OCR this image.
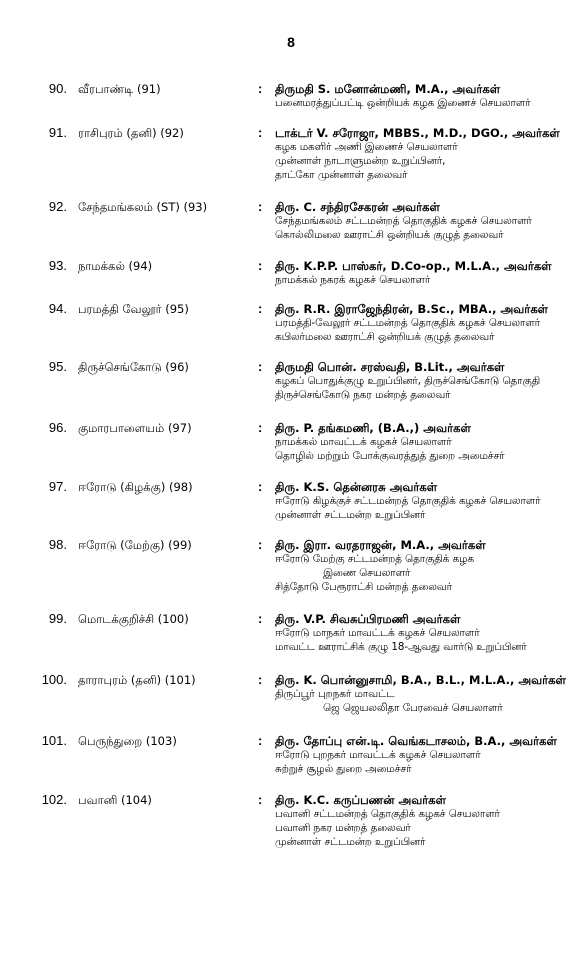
8
90. வீரபாண்டி (91)	: திருமதி S. மனோன்மணி, M.A., அவர்கள்
பனைமரத்துப்பட்டி ஒன்றியக் கழக இணைச் செயலாளர்
91. ராசிபுரம் (தனி) (92)	: டாக்டர் V. சரோஜா, MBBS., M.D., DGO., அவர்கள்
கழக மகளிர் அணி இணைச் செயலாளர்
முன்னாள் நாடாளுமன்ற உறுப்பினர்,
தாட்கோ முன்னாள் தலைவர்
92. சேந்தமங்கலம் (ST) (93)	: திரு. C. சந்திரசேகரன் அவர்கள்
சேந்தமங்கலம் சட்டமன்றத் தொகுதிக் கழகச் செயலாளர்
கொல்லிமலை ஊராட்சி ஒன்றியக் குழுத் தலைவர்
93. நாமக்கல் (94)	: திரு. K.P.P. பாஸ்கர், D.Co-op., M.L.A., அவர்கள்
நாமக்கல் நகரக் கழகச் செயலாளர்
94. பரமத்தி வேலூர் (95)	: திரு. R.R. இராஜேந்திரன், B.Sc., MBA., அவர்கள்
பரமத்தி-வேலூர் சட்டமன்றத் தொகுதிக் கழகச் செயலாளர்
கபிலர்மலை ஊராட்சி ஒன்றியக் குழுத் தலைவர்
95. திருச்செங்கோடு (96)	: திருமதி பொன். சரஸ்வதி, B.Lit., அவர்கள்
கழகப் பொதுக்குழு உறுப்பினர், திருச்செங்கோடு தொகுதி
திருச்செங்கோடு நகர மன்றத் தலைவர்
96. குமாரபாளையம் (97)	: திரு. P. தங்கமணி, (B.A.,) அவர்கள்
நாமக்கல் மாவட்டக் கழகச் செயலாளர்
தொழில் மற்றும் போக்குவரத்துத் துறை அமைச்சர்
97. ஈரோடு (கிழக்கு) (98)	: திரு. K.S. தென்னரசு அவர்கள்
ஈரோடு கிழக்குச் சட்டமன்றத் தொகுதிக் கழகச் செயலாளர்
முன்னாள் சட்டமன்ற உறுப்பினர்
98. ஈரோடு (மேற்கு) (99)	: திரு. இரா. வரதராஜன், M.A., அவர்கள்
ஈரோடு மேற்கு சட்டமன்றத் தொகுதிக் கழக
இணை செயலாளர்
சித்தோடு பேரூராட்சி மன்றத் தலைவர்
99. மொடக்குறிச்சி (100)	: திரு. V.P. சிவசுப்பிரமணி அவர்கள்
ஈரோடு மாநகர் மாவட்டக் கழகச் செயலாளர்
மாவட்ட ஊராட்சிக் குழு 18-ஆவது வார்டு உறுப்பினர்
100. தாராபுரம் (தனி) (101)	: திரு. K. பொன்னுசாமி, B.A., B.L., M.L.A., அவர்கள்
திருப்பூர் புறநகர் மாவட்ட
ஜெ ஜெயலலிதா பேரவைச் செயலாளர்
101. பெருந்துறை (103)	: திரு. தோப்பு என்.டி. வெங்கடாசலம், B.A., அவர்கள்
ஈரோடு புறநகர் மாவட்டக் கழகச் செயலாளர்
சுற்றுச் சூழல் துறை அமைச்சர்
102. பவானி (104)	: திரு. K.C. கருப்பணன் அவர்கள்
பவானி சட்டமன்றத் தொகுதிக் கழகச் செயலாளர்
பவானி நகர மன்றத் தலைவர்
முன்னாள் சட்டமன்ற உறுப்பினர்
